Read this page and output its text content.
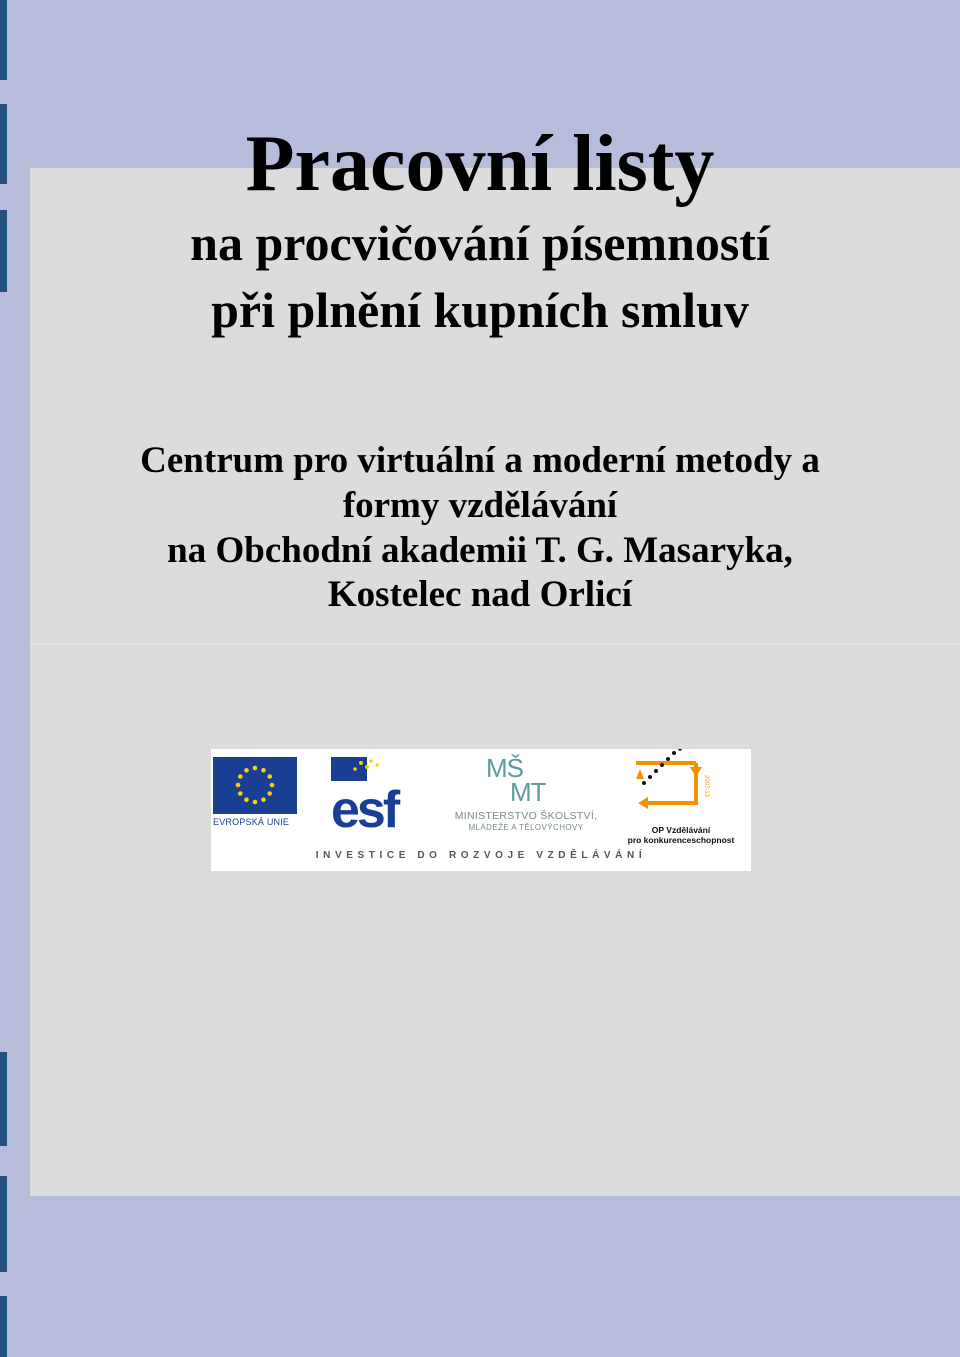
Pracovní listy
na procvičování písemností
při plnění kupních smluv
Centrum pro virtuální a moderní metody a
formy vzdělávání
na Obchodní akademii T. G. Masaryka,
Kostelec nad Orlicí
EVROPSKÁ UNIE esf
MŠ
MT
MINISTERSTVO ŠKOLSTVÍ,
MLÁDEŽE A TĚLOVÝCHOVY
2007-13
OP Vzdělávání
pro konkurenceschopnost
INVESTICE DO ROZVOJE VZDĚLÁVÁNÍ
